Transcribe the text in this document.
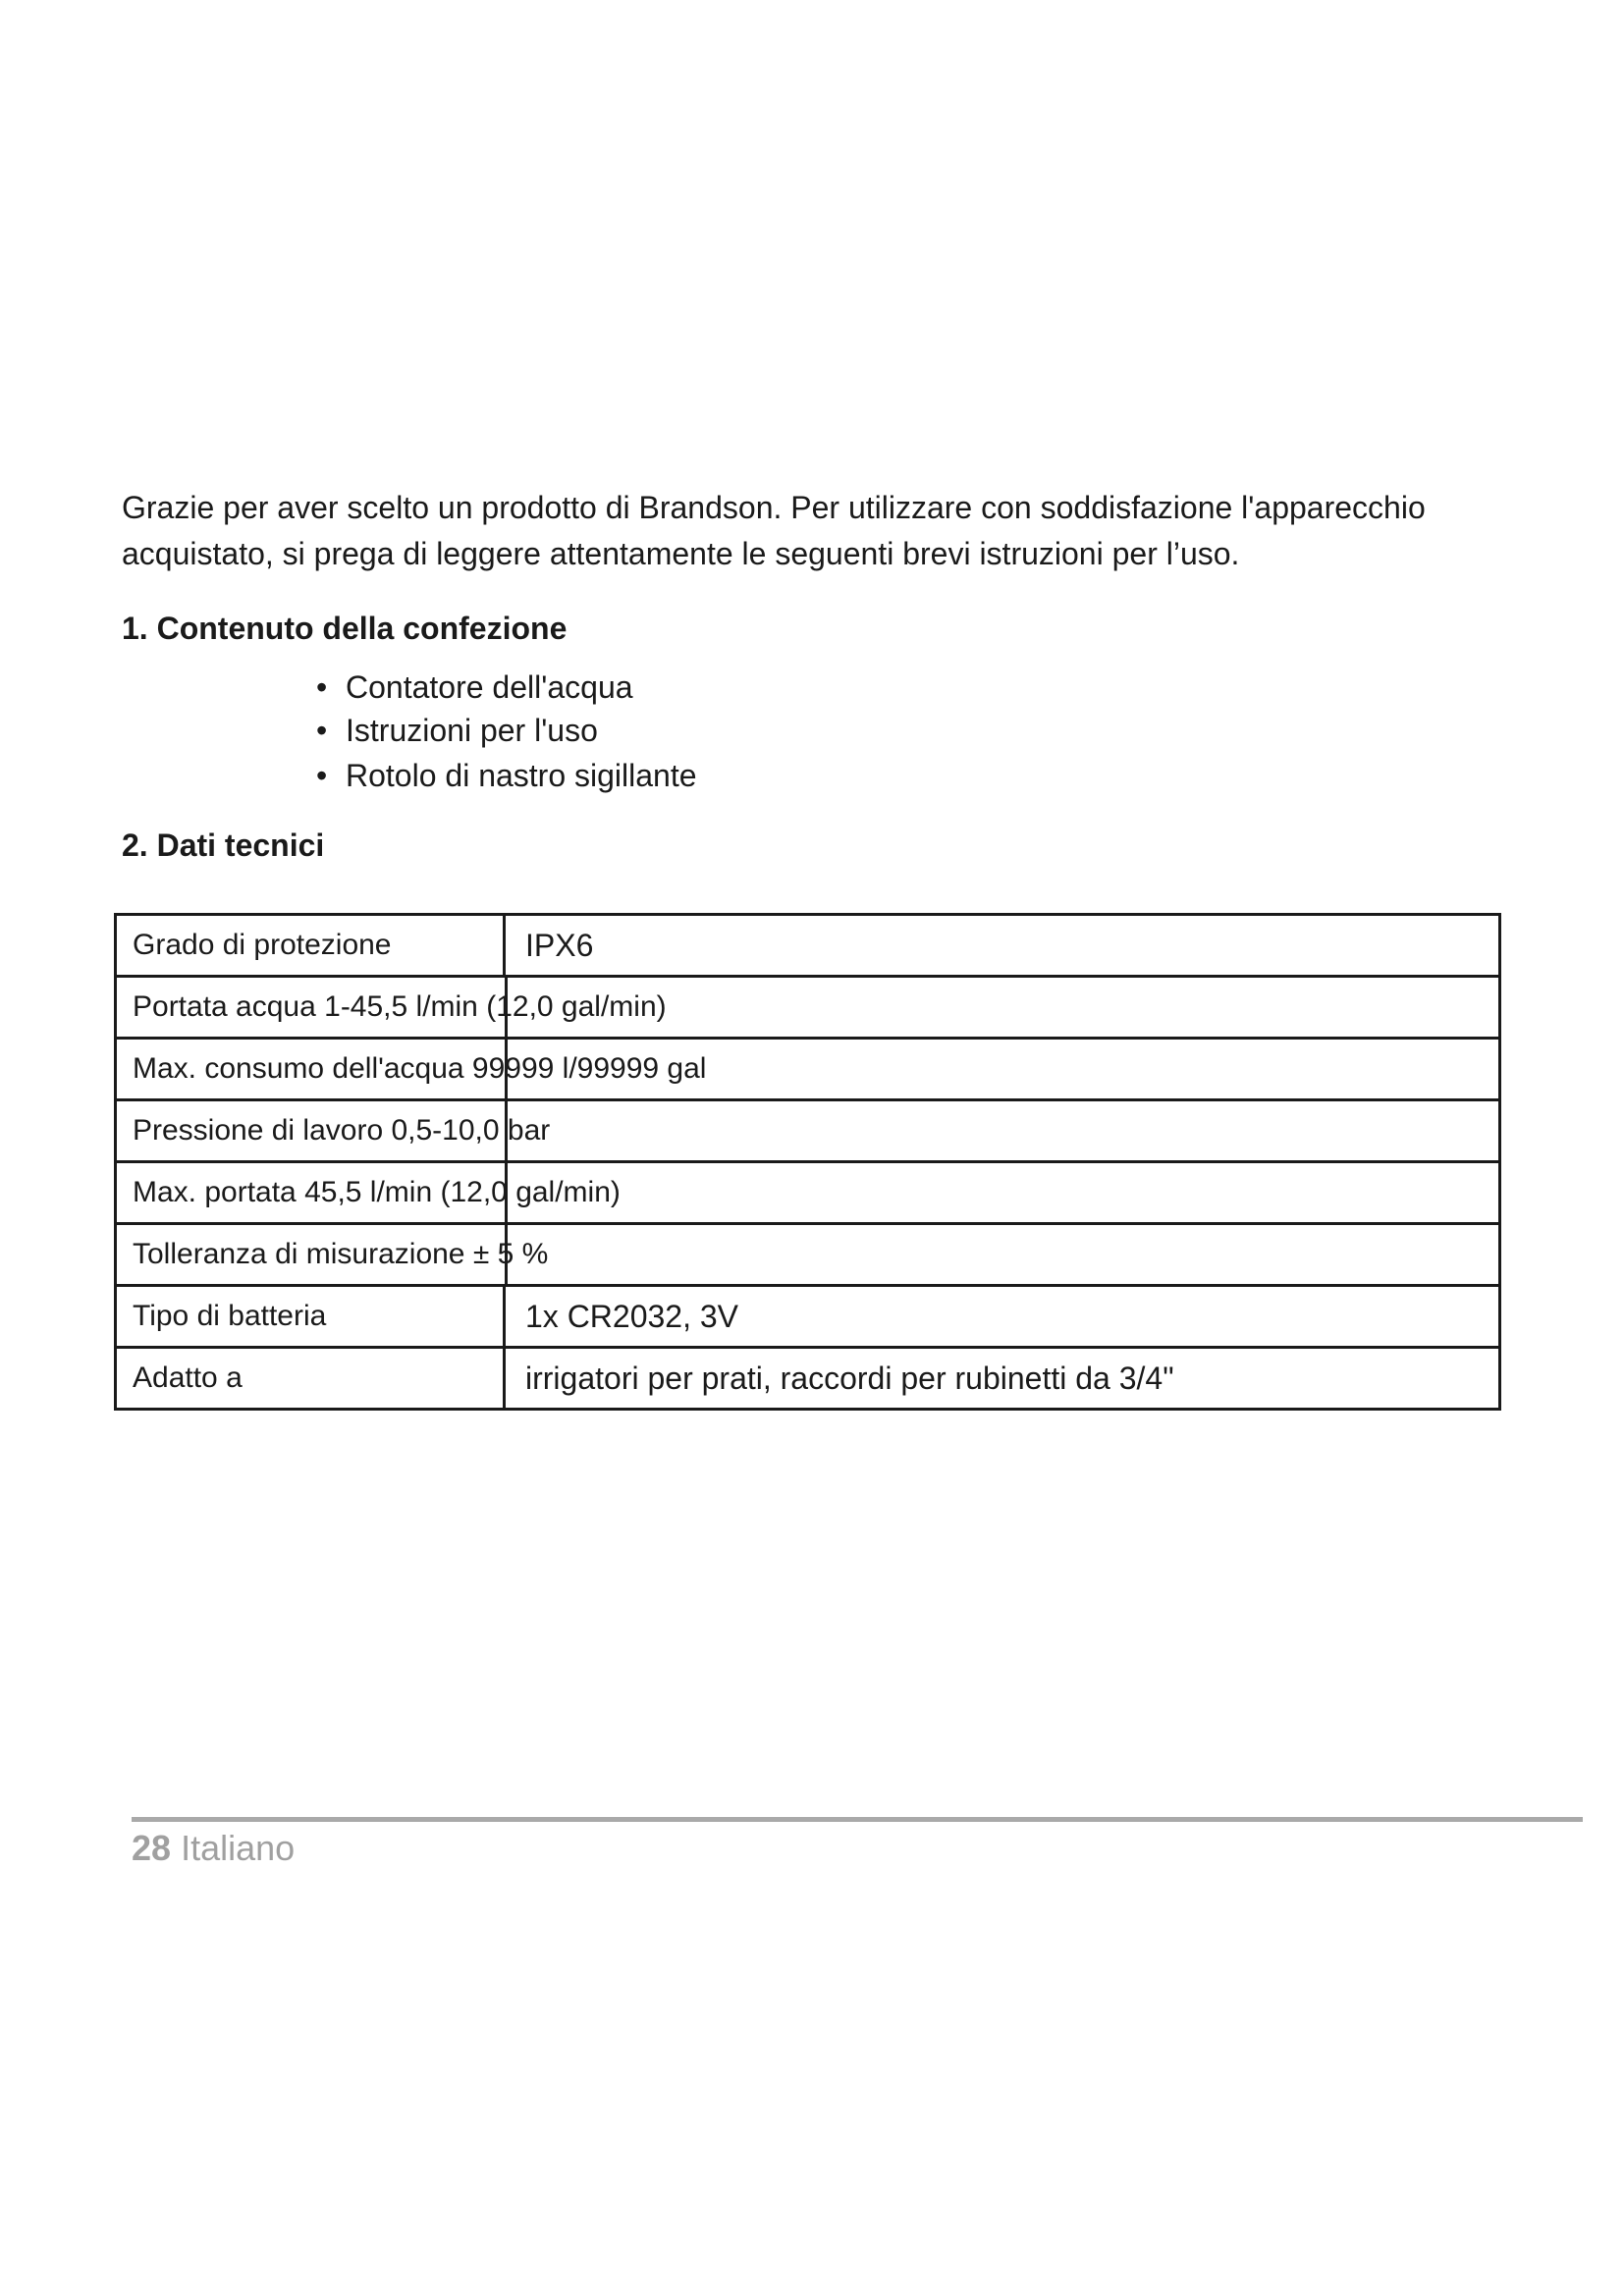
Grazie per aver scelto un prodotto di Brandson. Per utilizzare con soddisfazione l'apparecchio acquistato, si prega di leggere attentamente le seguenti brevi istruzioni per l’uso.

1. Contenuto della confezione
• Contatore dell'acqua
• Istruzioni per l'uso
• Rotolo di nastro sigillante
2. Dati tecnici
Grado di protezione	IPX6
Portata acqua 1-45,5 l/min (12,0 gal/min)	
Max. consumo dell'acqua 99999 l/99999 gal	
Pressione di lavoro 0,5-10,0 bar	
Max. portata 45,5 l/min (12,0 gal/min)	
Tolleranza di misurazione ± 5 %	
Tipo di batteria	1x CR2032, 3V
Adatto a	irrigatori per prati, raccordi per rubinetti da 3/4"
28 Italiano
